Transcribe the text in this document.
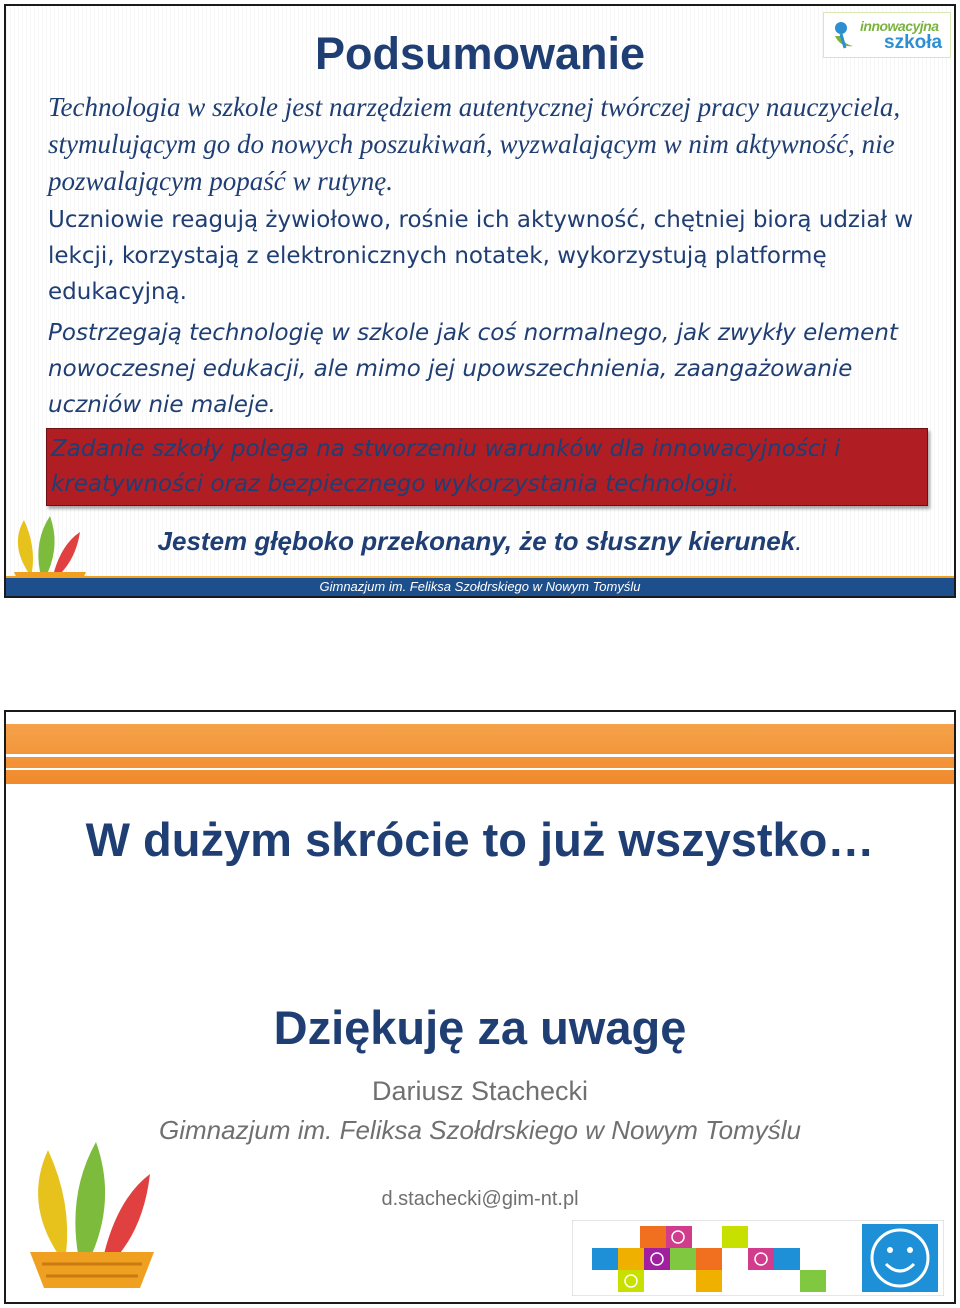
Podsumowanie
innowacyjna
szkoła

Technologia w szkole jest narzędziem autentycznej twórczej pracy nauczyciela, stymulującym go do nowych poszukiwań, wyzwalającym w nim aktywność, nie pozwalającym popaść w rutynę.

Uczniowie reagują żywiołowo, rośnie ich aktywność, chętniej biorą udział w lekcji, korzystają z elektronicznych notatek, wykorzystują platformę edukacyjną.

Postrzegają technologię w szkole jak coś normalnego, jak zwykły element nowoczesnej edukacji, ale mimo jej upowszechnienia, zaangażowanie uczniów nie maleje.

Zadanie szkoły polega na stworzeniu warunków dla innowacyjności i kreatywności oraz bezpiecznego wykorzystania technologii.

Jestem głęboko przekonany, że to słuszny kierunek.

Gimnazjum im. Feliksa Szołdrskiego w Nowym Tomyślu
W dużym skrócie to już wszystko…
Dziękuję za uwagę
Dariusz Stachecki
Gimnazjum im. Feliksa Szołdrskiego w Nowym Tomyślu
d.stachecki@gim-nt.pl
